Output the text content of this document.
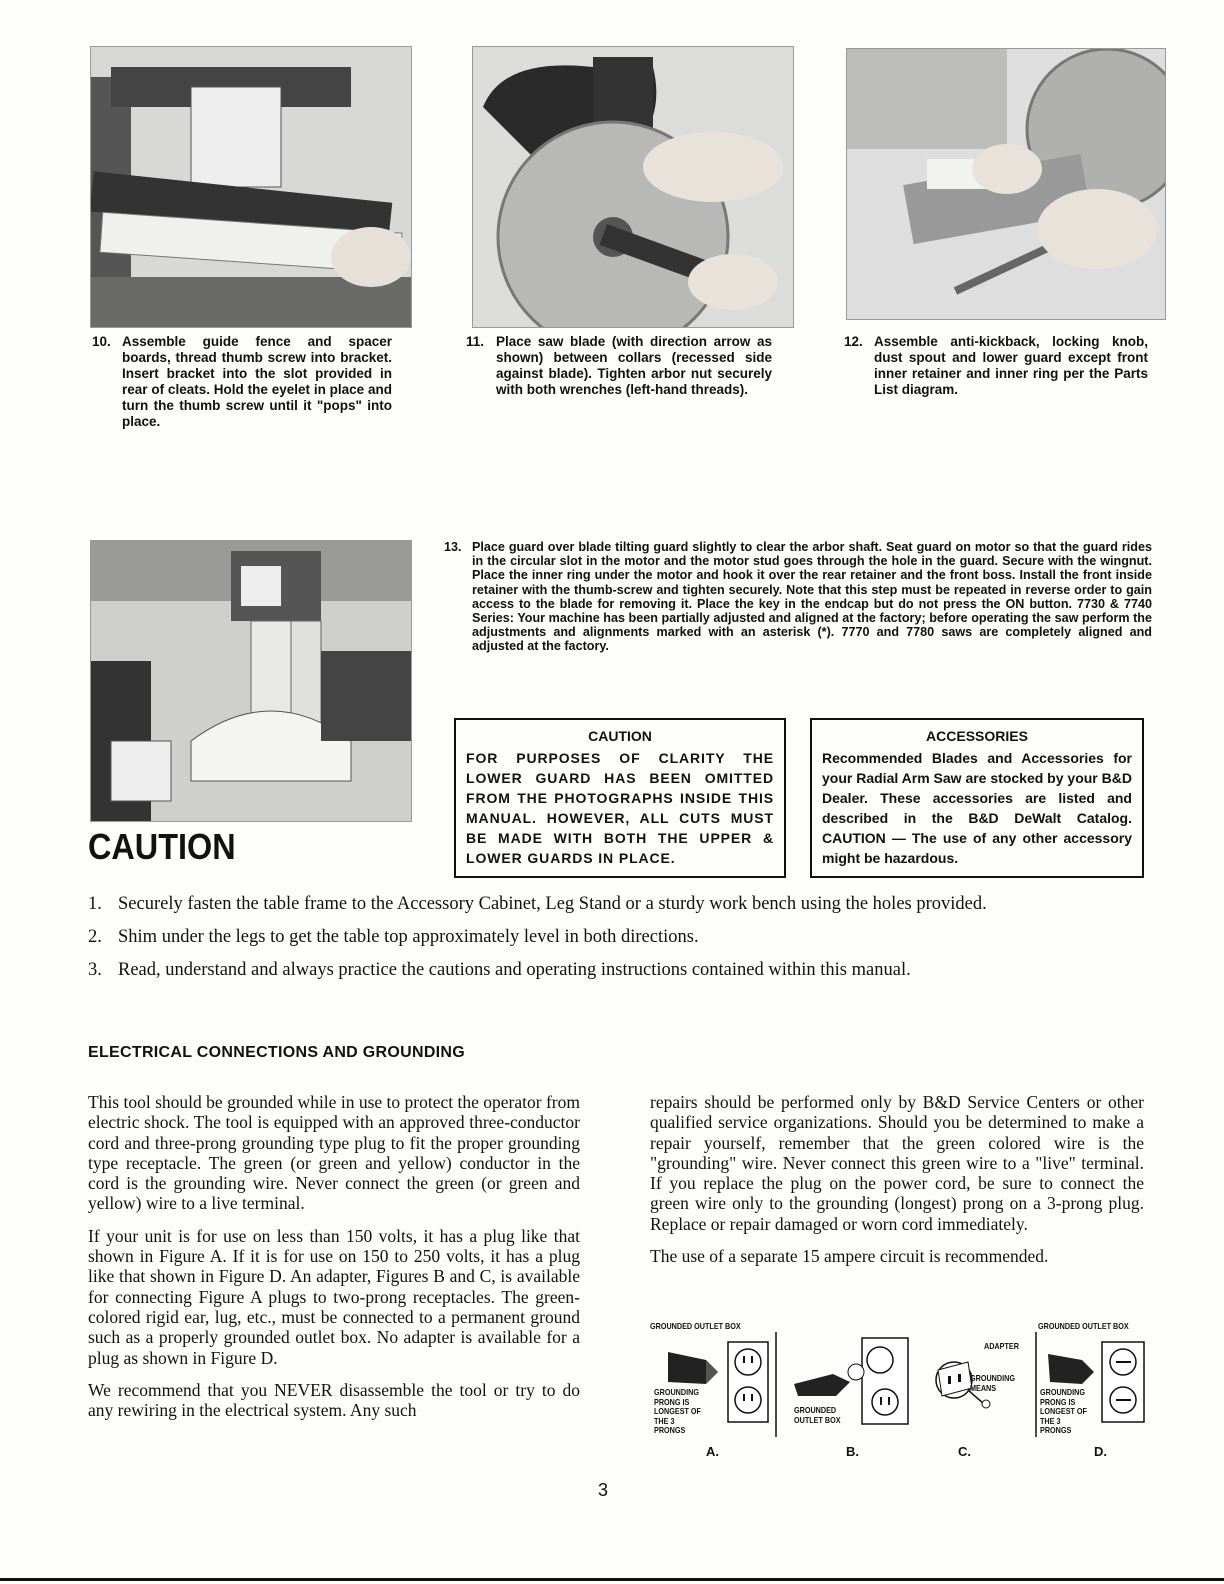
10. Assemble guide fence and spacer boards, thread thumb screw into bracket. Insert bracket into the slot provided in rear of cleats. Hold the eyelet in place and turn the thumb screw until it "pops" into place.
11. Place saw blade (with direction arrow as shown) between collars (recessed side against blade). Tighten arbor nut securely with both wrenches (left-hand threads).
12. Assemble anti-kickback, locking knob, dust spout and lower guard except front inner retainer and inner ring per the Parts List diagram.
13. Place guard over blade tilting guard slightly to clear the arbor shaft. Seat guard on motor so that the guard rides in the circular slot in the motor and the motor stud goes through the hole in the guard. Secure with the wingnut. Place the inner ring under the motor and hook it over the rear retainer and the front boss. Install the front inside retainer with the thumb-screw and tighten securely. Note that this step must be repeated in reverse order to gain access to the blade for removing it. Place the key in the endcap but do not press the ON button. 7730 & 7740 Series: Your machine has been partially adjusted and aligned at the factory; before operating the saw perform the adjustments and alignments marked with an asterisk (*). 7770 and 7780 saws are completely aligned and adjusted at the factory.
CAUTION
FOR PURPOSES OF CLARITY THE LOWER GUARD HAS BEEN OMITTED FROM THE PHOTOGRAPHS INSIDE THIS MANUAL. HOWEVER, ALL CUTS MUST BE MADE WITH BOTH THE UPPER & LOWER GUARDS IN PLACE.
ACCESSORIES
Recommended Blades and Accessories for your Radial Arm Saw are stocked by your B&D Dealer. These accessories are listed and described in the B&D DeWalt Catalog. CAUTION — The use of any other accessory might be hazardous.
CAUTION
1. Securely fasten the table frame to the Accessory Cabinet, Leg Stand or a sturdy work bench using the holes provided.
2. Shim under the legs to get the table top approximately level in both directions.
3. Read, understand and always practice the cautions and operating instructions contained within this manual.
ELECTRICAL CONNECTIONS AND GROUNDING

This tool should be grounded while in use to protect the operator from electric shock. The tool is equipped with an approved three-conductor cord and three-prong grounding type plug to fit the proper grounding type receptacle. The green (or green and yellow) conductor in the cord is the grounding wire. Never connect the green (or green and yellow) wire to a live terminal.

If your unit is for use on less than 150 volts, it has a plug like that shown in Figure A. If it is for use on 150 to 250 volts, it has a plug like that shown in Figure D. An adapter, Figures B and C, is available for connecting Figure A plugs to two-prong receptacles. The green-colored rigid ear, lug, etc., must be connected to a permanent ground such as a properly grounded outlet box. No adapter is available for a plug as shown in Figure D.

We recommend that you NEVER disassemble the tool or try to do any rewiring in the electrical system. Any such

repairs should be performed only by B&D Service Centers or other qualified service organizations. Should you be determined to make a repair yourself, remember that the green colored wire is the "grounding" wire. Never connect this green wire to a "live" terminal. If you replace the plug on the power cord, be sure to connect the green wire only to the grounding (longest) prong on a 3-prong plug. Replace or repair damaged or worn cord immediately.

The use of a separate 15 ampere circuit is recommended.

GROUNDED OUTLET BOX
GROUNDING PRONG IS LONGEST OF THE 3 PRONGS
A.
GROUNDED OUTLET BOX
B.
ADAPTER
GROUNDING MEANS
C.
GROUNDED OUTLET BOX
GROUNDING PRONG IS LONGEST OF THE 3 PRONGS
D.
3
